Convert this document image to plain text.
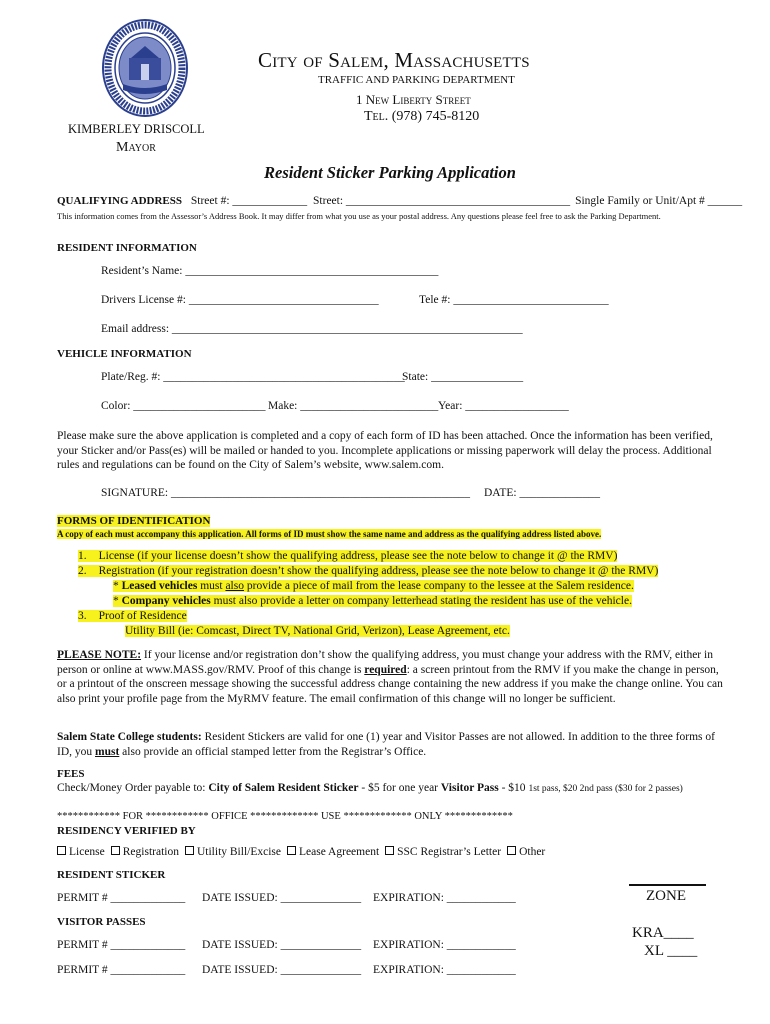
City of Salem, Massachusetts
TRAFFIC AND PARKING DEPARTMENT
1 New Liberty Street
Tel. (978) 745-8120
KIMBERLEY DRISCOLL
Mayor
Resident Sticker Parking Application
QUALIFYING ADDRESS Street #: _____________ Street: _______________________________________ Single Family or Unit/Apt # ______
This information comes from the Assessor’s Address Book. It may differ from what you use as your postal address. Any questions please feel free to ask the Parking Department.
RESIDENT INFORMATION
Resident’s Name: ____________________________________________
Drivers License #: _________________________________	Tele #: ___________________________
Email address: _____________________________________________________________
VEHICLE INFORMATION
Plate/Reg. #: __________________________________________
State: ________________
Color: _______________________ Make: ________________________ Year: __________________
Please make sure the above application is completed and a copy of each form of ID has been attached. Once the information has been verified, your Sticker and/or Pass(es) will be mailed or handed to you. Incomplete applications or missing paperwork will delay the process. Additional rules and regulations can be found on the City of Salem’s website, www.salem.com.
SIGNATURE: ____________________________________________________ DATE: ______________
FORMS OF IDENTIFICATION
A copy of each must accompany this application. All forms of ID must show the same name and address as the qualifying address listed above.
1. License (if your license doesn’t show the qualifying address, please see the note below to change it @ the RMV)
2. Registration (if your registration doesn’t show the qualifying address, please see the note below to change it @ the RMV)
* Leased vehicles must also provide a piece of mail from the lease company to the lessee at the Salem residence.
* Company vehicles must also provide a letter on company letterhead stating the resident has use of the vehicle.
3. Proof of Residence
Utility Bill (ie: Comcast, Direct TV, National Grid, Verizon), Lease Agreement, etc.
PLEASE NOTE: If your license and/or registration don’t show the qualifying address, you must change your address with the RMV, either in person or online at www.MASS.gov/RMV. Proof of this change is required: a screen printout from the RMV if you make the change in person, or a printout of the onscreen message showing the successful address change containing the new address if you make the change online. You can also print your profile page from the MyRMV feature. The email confirmation of this change will no longer be sufficient.
Salem State College students: Resident Stickers are valid for one (1) year and Visitor Passes are not allowed. In addition to the three forms of ID, you must also provide an official stamped letter from the Registrar’s Office.
FEES
Check/Money Order payable to: City of Salem Resident Sticker - $5 for one year Visitor Pass - $10 1st pass, $20 2nd pass ($30 for 2 passes)
************ FOR ************ OFFICE ************* USE ************* ONLY *************
RESIDENCY VERIFIED BY
License Registration Utility Bill/Excise Lease Agreement SSC Registrar’s Letter Other
RESIDENT STICKER
PERMIT # _____________ DATE ISSUED: ______________ EXPIRATION: ____________
VISITOR PASSES
PERMIT # _____________ DATE ISSUED: ______________ EXPIRATION: ____________
PERMIT # _____________ DATE ISSUED: ______________ EXPIRATION: ____________
ZONE
KRA____
XL ____
